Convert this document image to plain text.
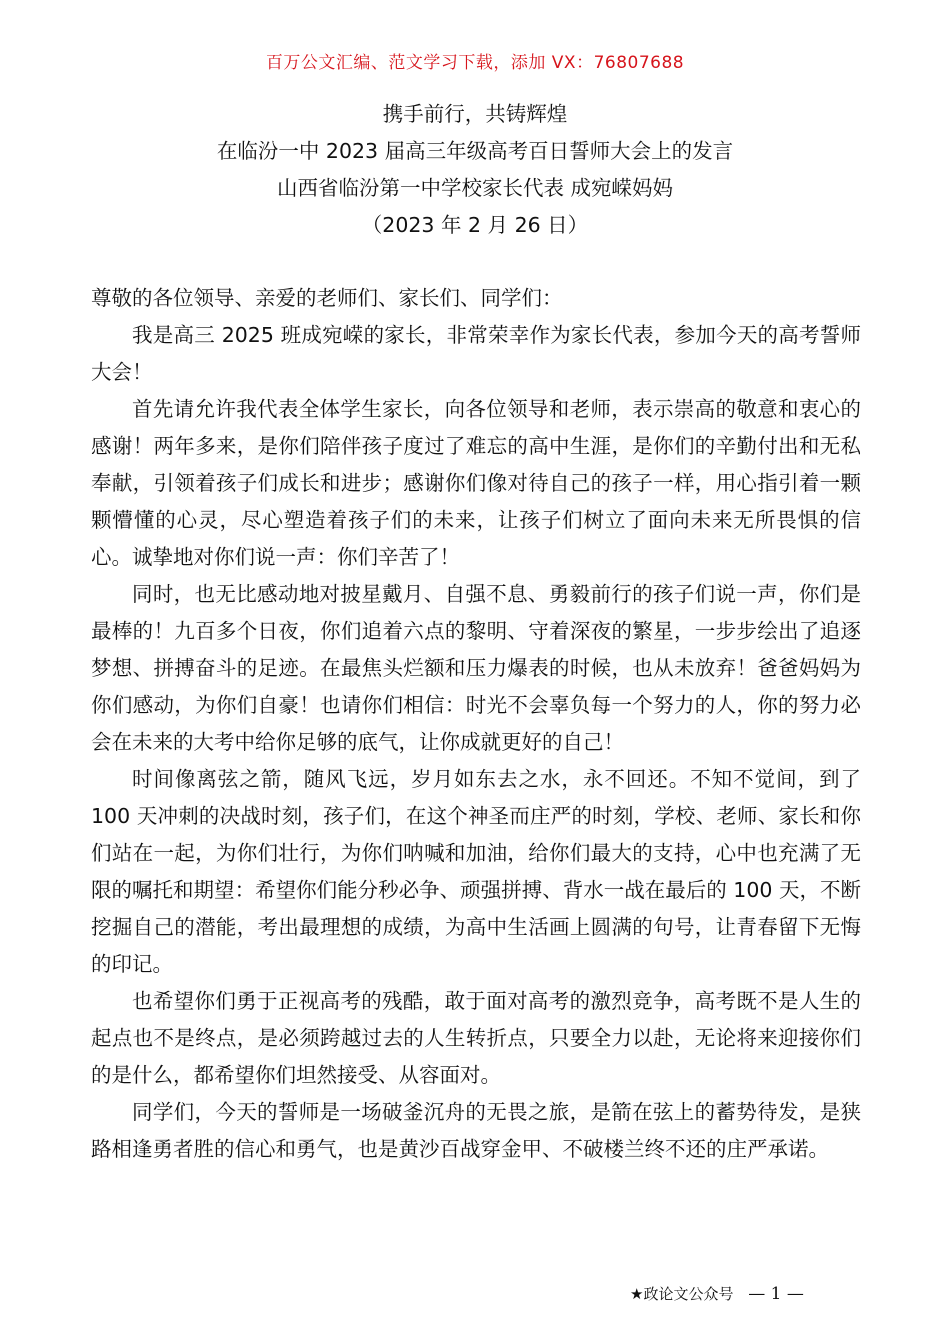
百万公文汇编、范文学习下载，添加 VX：76807688
携手前行，共铸辉煌
在临汾一中 2023 届高三年级高考百日誓师大会上的发言
山西省临汾第一中学校家长代表 成宛嵘妈妈
（2023 年 2 月 26 日）

尊敬的各位领导、亲爱的老师们、家长们、同学们：

我是高三 2025 班成宛嵘的家长，非常荣幸作为家长代表，参加今天的高考誓师大会！

首先请允许我代表全体学生家长，向各位领导和老师，表示崇高的敬意和衷心的感谢！两年多来，是你们陪伴孩子度过了难忘的高中生涯，是你们的辛勤付出和无私奉献，引领着孩子们成长和进步；感谢你们像对待自己的孩子一样，用心指引着一颗颗懵懂的心灵，尽心塑造着孩子们的未来，让孩子们树立了面向未来无所畏惧的信心。诚挚地对你们说一声：你们辛苦了！

同时，也无比感动地对披星戴月、自强不息、勇毅前行的孩子们说一声，你们是最棒的！九百多个日夜，你们追着六点的黎明、守着深夜的繁星，一步步绘出了追逐梦想、拼搏奋斗的足迹。在最焦头烂额和压力爆表的时候，也从未放弃！爸爸妈妈为你们感动，为你们自豪！也请你们相信：时光不会辜负每一个努力的人，你的努力必会在未来的大考中给你足够的底气，让你成就更好的自己！

时间像离弦之箭，随风飞远，岁月如东去之水，永不回还。不知不觉间，到了 100 天冲刺的决战时刻，孩子们，在这个神圣而庄严的时刻，学校、老师、家长和你们站在一起，为你们壮行，为你们呐喊和加油，给你们最大的支持，心中也充满了无限的嘱托和期望：希望你们能分秒必争、顽强拼搏、背水一战在最后的 100 天，不断挖掘自己的潜能，考出最理想的成绩，为高中生活画上圆满的句号，让青春留下无悔的印记。

也希望你们勇于正视高考的残酷，敢于面对高考的激烈竞争，高考既不是人生的起点也不是终点，是必须跨越过去的人生转折点，只要全力以赴，无论将来迎接你们的是什么，都希望你们坦然接受、从容面对。

同学们，今天的誓师是一场破釜沉舟的无畏之旅，是箭在弦上的蓄势待发，是狭路相逢勇者胜的信心和勇气，也是黄沙百战穿金甲、不破楼兰终不还的庄严承诺。

★政论文公众号 — 1 —
